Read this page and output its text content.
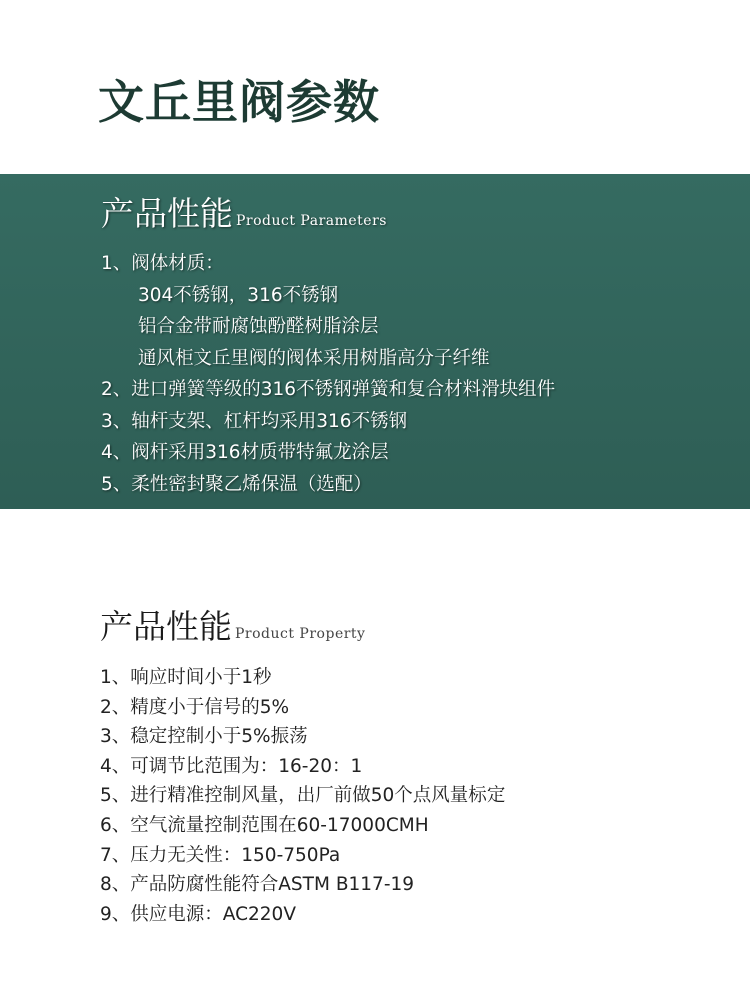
文丘里阀参数
产品性能 Product Parameters
1、阀体材质：
304不锈钢，316不锈钢
铝合金带耐腐蚀酚醛树脂涂层
通风柜文丘里阀的阀体采用树脂高分子纤维
2、进口弹簧等级的316不锈钢弹簧和复合材料滑块组件
3、轴杆支架、杠杆均采用316不锈钢
4、阀杆采用316材质带特氟龙涂层
5、柔性密封聚乙烯保温（选配）
产品性能 Product Property
1、响应时间小于1秒
2、精度小于信号的5%
3、稳定控制小于5%振荡
4、可调节比范围为：16-20：1
5、进行精准控制风量，出厂前做50个点风量标定
6、空气流量控制范围在60-17000CMH
7、压力无关性：150-750Pa
8、产品防腐性能符合ASTM B117-19
9、供应电源：AC220V
